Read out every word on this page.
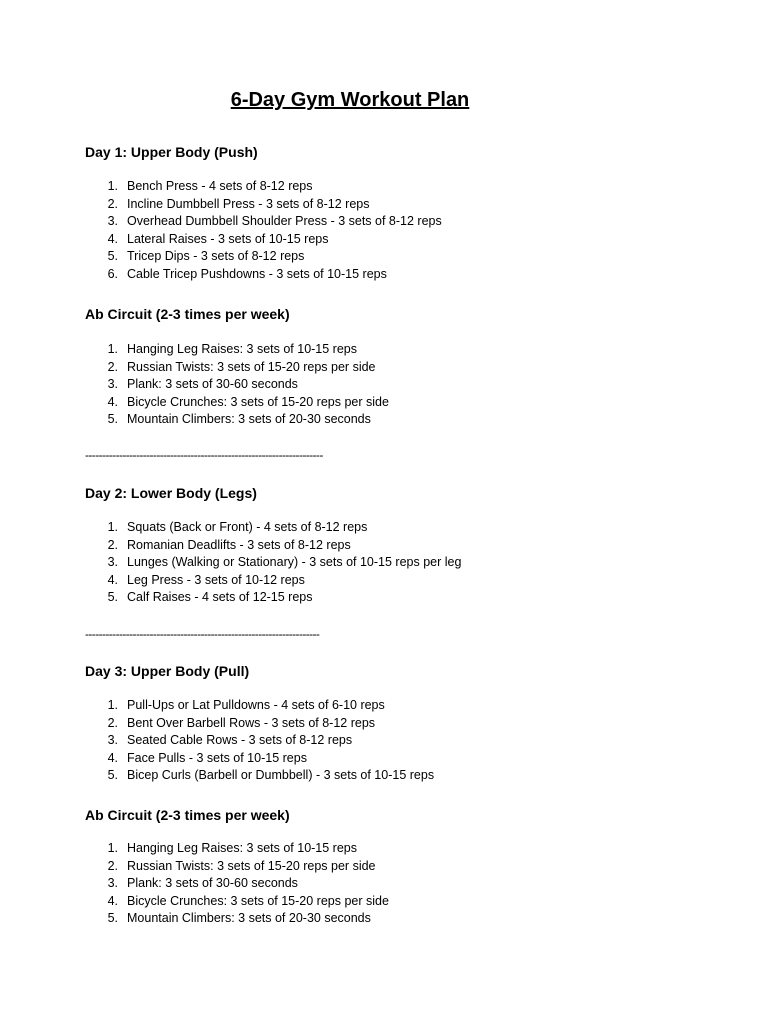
6-Day Gym Workout Plan
Day 1: Upper Body (Push)
1. Bench Press - 4 sets of 8-12 reps
2. Incline Dumbbell Press - 3 sets of 8-12 reps
3. Overhead Dumbbell Shoulder Press - 3 sets of 8-12 reps
4. Lateral Raises - 3 sets of 10-15 reps
5. Tricep Dips - 3 sets of 8-12 reps
6. Cable Tricep Pushdowns - 3 sets of 10-15 reps
Ab Circuit (2-3 times per week)
1. Hanging Leg Raises: 3 sets of 10-15 reps
2. Russian Twists: 3 sets of 15-20 reps per side
3. Plank: 3 sets of 30-60 seconds
4. Bicycle Crunches: 3 sets of 15-20 reps per side
5. Mountain Climbers: 3 sets of 20-30 seconds

----------------------------------------------------------------------

Day 2: Lower Body (Legs)
1. Squats (Back or Front) - 4 sets of 8-12 reps
2. Romanian Deadlifts - 3 sets of 8-12 reps
3. Lunges (Walking or Stationary) - 3 sets of 10-15 reps per leg
4. Leg Press - 3 sets of 10-12 reps
5. Calf Raises - 4 sets of 12-15 reps

---------------------------------------------------------------------

Day 3: Upper Body (Pull)
1. Pull-Ups or Lat Pulldowns - 4 sets of 6-10 reps
2. Bent Over Barbell Rows - 3 sets of 8-12 reps
3. Seated Cable Rows - 3 sets of 8-12 reps
4. Face Pulls - 3 sets of 10-15 reps
5. Bicep Curls (Barbell or Dumbbell) - 3 sets of 10-15 reps
Ab Circuit (2-3 times per week)
1. Hanging Leg Raises: 3 sets of 10-15 reps
2. Russian Twists: 3 sets of 15-20 reps per side
3. Plank: 3 sets of 30-60 seconds
4. Bicycle Crunches: 3 sets of 15-20 reps per side
5. Mountain Climbers: 3 sets of 20-30 seconds
